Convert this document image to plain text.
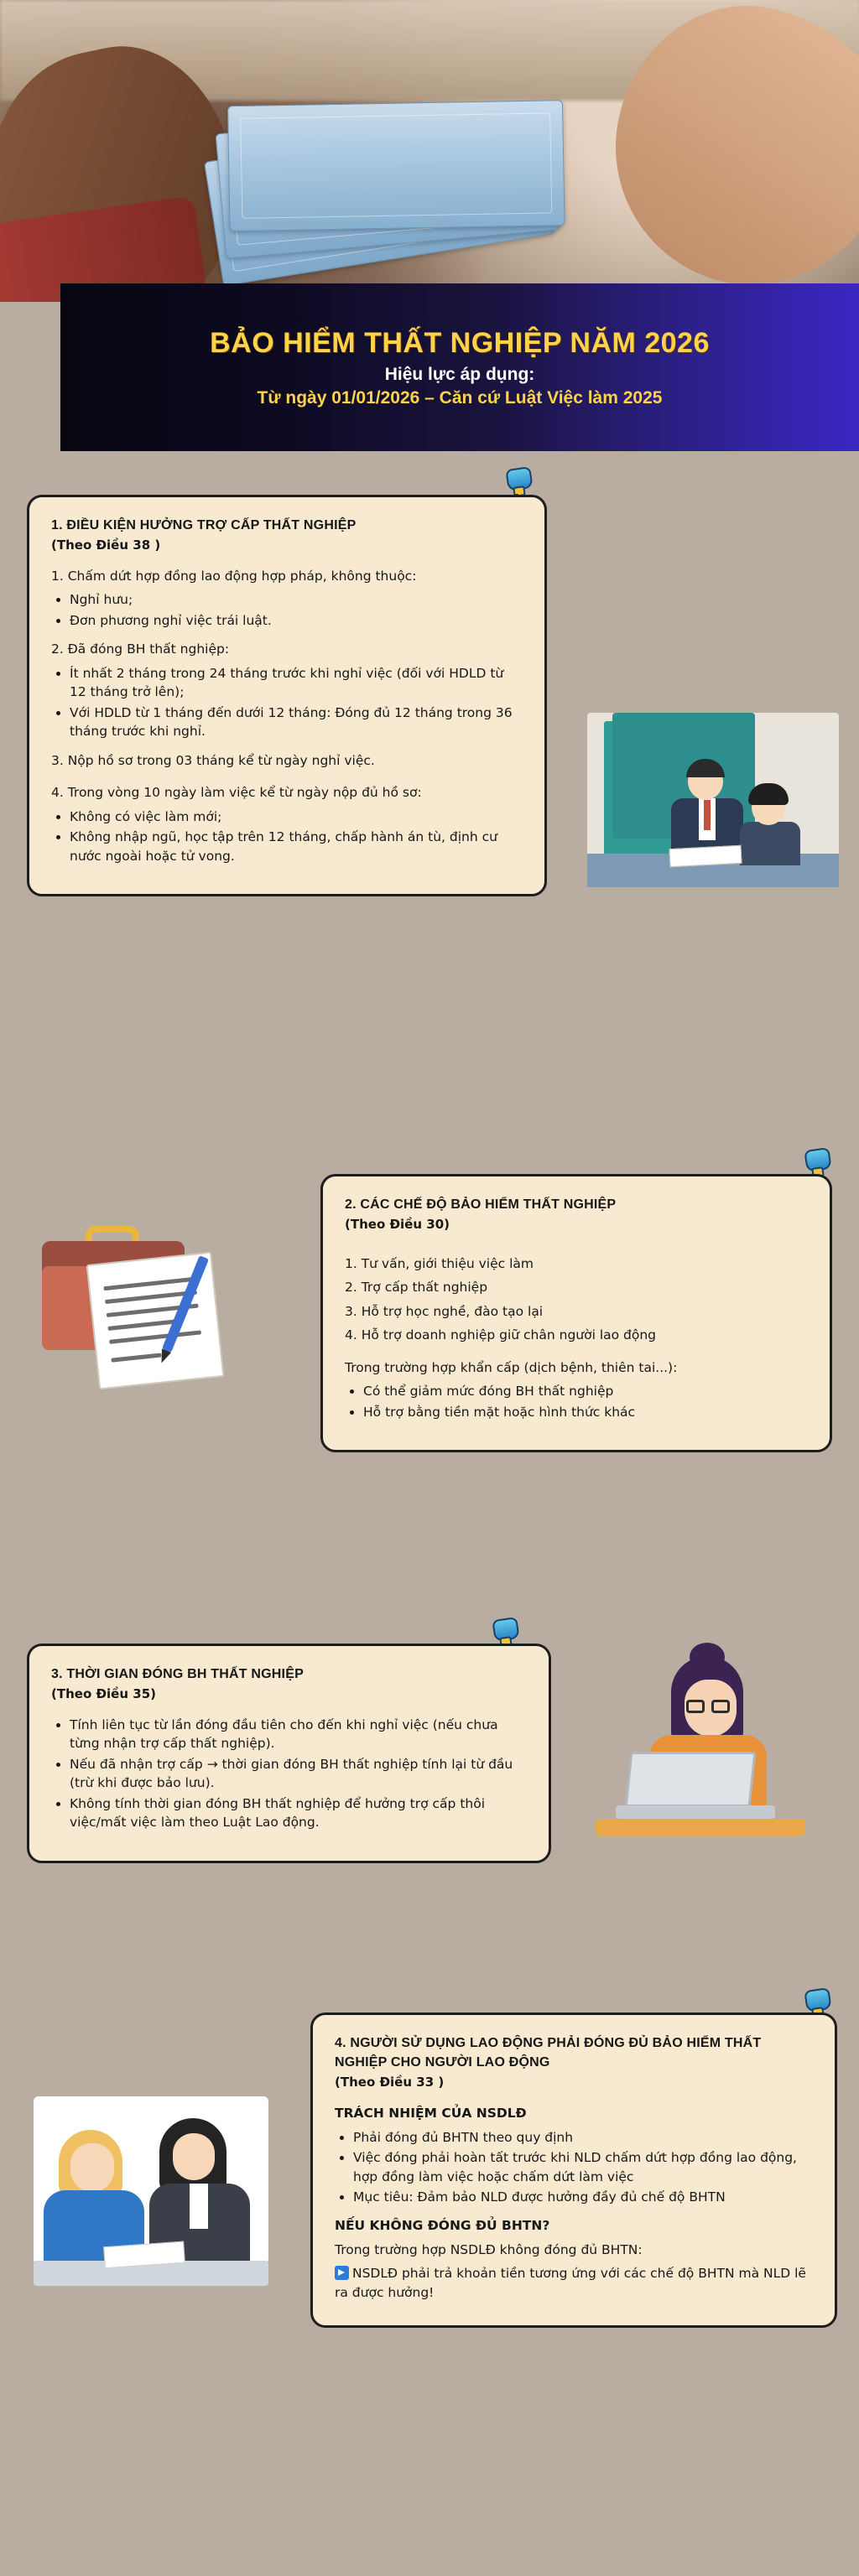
BẢO HIỂM THẤT NGHIỆP NĂM 2026
Hiệu lực áp dụng:
Từ ngày 01/01/2026 – Căn cứ Luật Việc làm 2025
1. ĐIỀU KIỆN HƯỞNG TRỢ CẤP THẤT NGHIỆP
(Theo Điều 38 )

1. Chấm dứt hợp đồng lao động hợp pháp, không thuộc:

• Nghỉ hưu;
• Đơn phương nghỉ việc trái luật.

2. Đã đóng BH thất nghiệp:

• Ít nhất 2 tháng trong 24 tháng trước khi nghỉ việc (đối với HDLD từ 12 tháng trở lên);
• Với HDLD từ 1 tháng đến dưới 12 tháng: Đóng đủ 12 tháng trong 36 tháng trước khi nghỉ.

3. Nộp hồ sơ trong 03 tháng kể từ ngày nghỉ việc.

4. Trong vòng 10 ngày làm việc kể từ ngày nộp đủ hồ sơ:

• Không có việc làm mới;
• Không nhập ngũ, học tập trên 12 tháng, chấp hành án tù, định cư nước ngoài hoặc tử vong.
2. CÁC CHẾ ĐỘ BẢO HIỂM THẤT NGHIỆP
(Theo Điều 30)

1. Tư vấn, giới thiệu việc làm

2. Trợ cấp thất nghiệp

3. Hỗ trợ học nghề, đào tạo lại

4. Hỗ trợ doanh nghiệp giữ chân người lao động

Trong trường hợp khẩn cấp (dịch bệnh, thiên tai...):

• Có thể giảm mức đóng BH thất nghiệp
• Hỗ trợ bằng tiền mặt hoặc hình thức khác
3. THỜI GIAN ĐÓNG BH THẤT NGHIỆP
(Theo Điều 35)
• Tính liên tục từ lần đóng đầu tiên cho đến khi nghỉ việc (nếu chưa từng nhận trợ cấp thất nghiệp).
• Nếu đã nhận trợ cấp → thời gian đóng BH thất nghiệp tính lại từ đầu (trừ khi được bảo lưu).
• Không tính thời gian đóng BH thất nghiệp để hưởng trợ cấp thôi việc/mất việc làm theo Luật Lao động.
4. NGƯỜI SỬ DỤNG LAO ĐỘNG PHẢI ĐÓNG ĐỦ BẢO HIỂM THẤT NGHIỆP CHO NGƯỜI LAO ĐỘNG
(Theo Điều 33 )

TRÁCH NHIỆM CỦA NSDLĐ

• Phải đóng đủ BHTN theo quy định
• Việc đóng phải hoàn tất trước khi NLD chấm dứt hợp đồng lao động, hợp đồng làm việc hoặc chấm dứt làm việc
• Mục tiêu: Đảm bảo NLD được hưởng đầy đủ chế độ BHTN

NẾU KHÔNG ĐÓNG ĐỦ BHTN?

Trong trường hợp NSDLĐ không đóng đủ BHTN:

NSDLĐ phải trả khoản tiền tương ứng với các chế độ BHTN mà NLD lẽ ra được hưởng!
